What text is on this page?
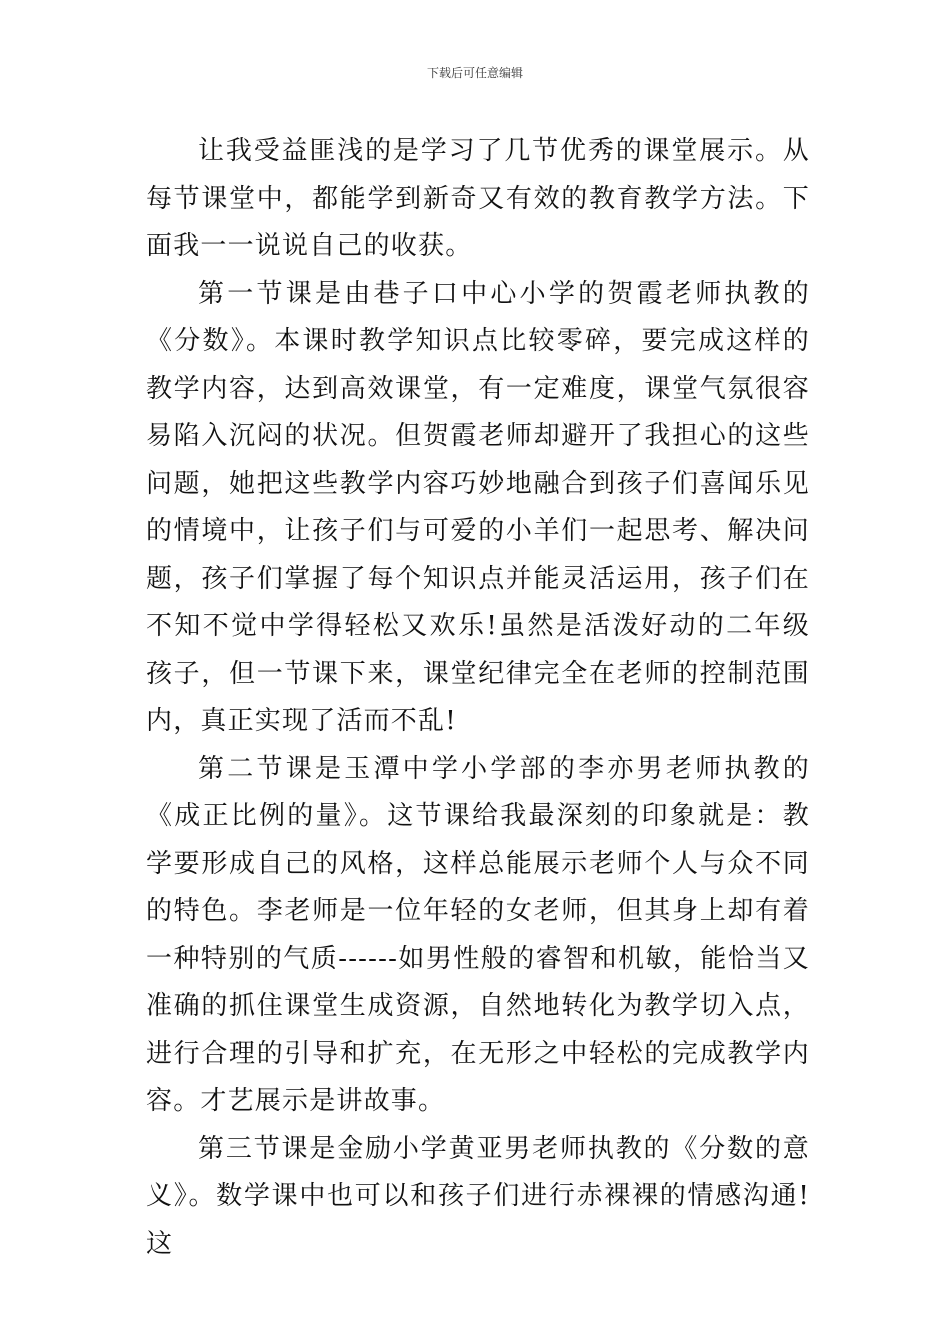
下载后可任意编辑

让我受益匪浅的是学习了几节优秀的课堂展示。从每节课堂中，都能学到新奇又有效的教育教学方法。下面我一一说说自己的收获。

第一节课是由巷子口中心小学的贺霞老师执教的《分数》。本课时教学知识点比较零碎，要完成这样的教学内容，达到高效课堂，有一定难度，课堂气氛很容易陷入沉闷的状况。但贺霞老师却避开了我担心的这些问题，她把这些教学内容巧妙地融合到孩子们喜闻乐见的情境中，让孩子们与可爱的小羊们一起思考、解决问题，孩子们掌握了每个知识点并能灵活运用，孩子们在不知不觉中学得轻松又欢乐!虽然是活泼好动的二年级孩子，但一节课下来，课堂纪律完全在老师的控制范围内，真正实现了活而不乱!

第二节课是玉潭中学小学部的李亦男老师执教的《成正比例的量》。这节课给我最深刻的印象就是：教学要形成自己的风格，这样总能展示老师个人与众不同的特色。李老师是一位年轻的女老师，但其身上却有着一种特别的气质------如男性般的睿智和机敏，能恰当又准确的抓住课堂生成资源，自然地转化为教学切入点，进行合理的引导和扩充，在无形之中轻松的完成教学内容。才艺展示是讲故事。

第三节课是金励小学黄亚男老师执教的《分数的意义》。数学课中也可以和孩子们进行赤裸裸的情感沟通!这
